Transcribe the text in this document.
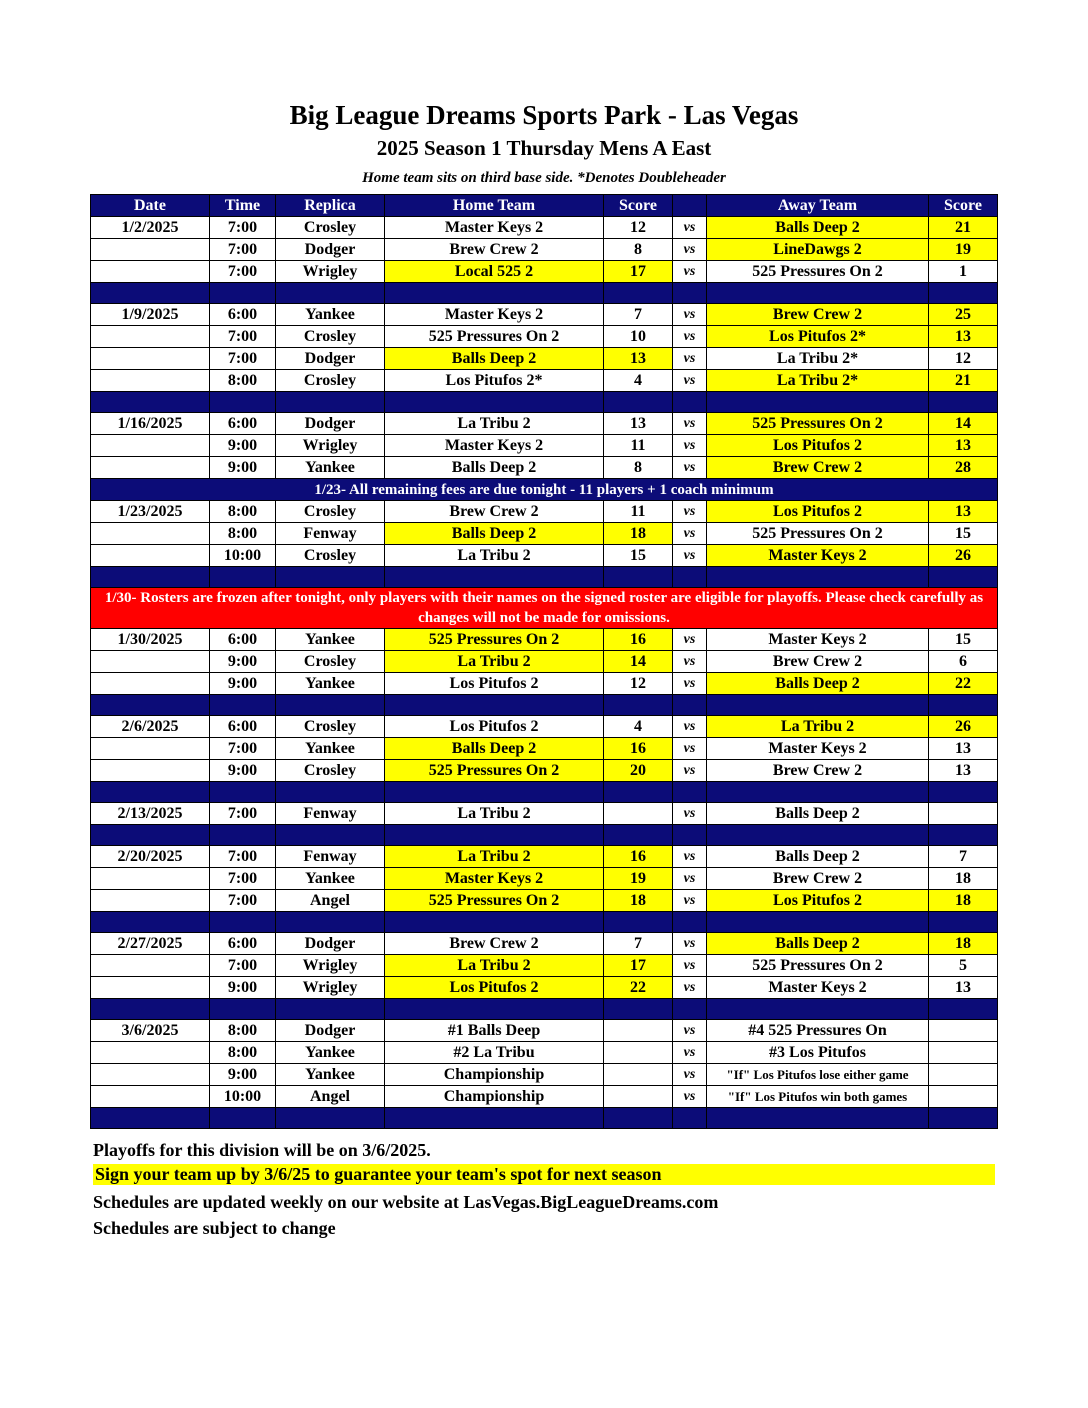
Big League Dreams Sports Park - Las Vegas
2025 Season 1 Thursday Mens A East
Home team sits on third base side. *Denotes Doubleheader
Date	Time	Replica	Home Team	Score		Away Team	Score
1/2/2025	7:00	Crosley	Master Keys 2	12	vs	Balls Deep 2	21
	7:00	Dodger	Brew Crew 2	8	vs	LineDawgs 2	19
	7:00	Wrigley	Local 525 2	17	vs	525 Pressures On 2	1

1/9/2025	6:00	Yankee	Master Keys 2	7	vs	Brew Crew 2	25
	7:00	Crosley	525 Pressures On 2	10	vs	Los Pitufos 2*	13
	7:00	Dodger	Balls Deep 2	13	vs	La Tribu 2*	12
	8:00	Crosley	Los Pitufos 2*	4	vs	La Tribu 2*	21

1/16/2025	6:00	Dodger	La Tribu 2	13	vs	525 Pressures On 2	14
	9:00	Wrigley	Master Keys 2	11	vs	Los Pitufos 2	13
	9:00	Yankee	Balls Deep 2	8	vs	Brew Crew 2	28
1/23- All remaining fees are due tonight - 11 players + 1 coach minimum							
1/23/2025	8:00	Crosley	Brew Crew 2	11	vs	Los Pitufos 2	13
	8:00	Fenway	Balls Deep 2	18	vs	525 Pressures On 2	15
	10:00	Crosley	La Tribu 2	15	vs	Master Keys 2	26

1/30- Rosters are frozen after tonight, only players with their names on the signed roster are eligible for playoffs. Please check carefully as changes will not be made for omissions.							
1/30/2025	6:00	Yankee	525 Pressures On 2	16	vs	Master Keys 2	15
	9:00	Crosley	La Tribu 2	14	vs	Brew Crew 2	6
	9:00	Yankee	Los Pitufos 2	12	vs	Balls Deep 2	22

2/6/2025	6:00	Crosley	Los Pitufos 2	4	vs	La Tribu 2	26
	7:00	Yankee	Balls Deep 2	16	vs	Master Keys 2	13
	9:00	Crosley	525 Pressures On 2	20	vs	Brew Crew 2	13

2/13/2025	7:00	Fenway	La Tribu 2		vs	Balls Deep 2	

2/20/2025	7:00	Fenway	La Tribu 2	16	vs	Balls Deep 2	7
	7:00	Yankee	Master Keys 2	19	vs	Brew Crew 2	18
	7:00	Angel	525 Pressures On 2	18	vs	Los Pitufos 2	18

2/27/2025	6:00	Dodger	Brew Crew 2	7	vs	Balls Deep 2	18
	7:00	Wrigley	La Tribu 2	17	vs	525 Pressures On 2	5
	9:00	Wrigley	Los Pitufos 2	22	vs	Master Keys 2	13

3/6/2025	8:00	Dodger	#1 Balls Deep		vs	#4 525 Pressures On	
	8:00	Yankee	#2 La Tribu		vs	#3 Los Pitufos	
	9:00	Yankee	Championship		vs	"If" Los Pitufos lose either game	
	10:00	Angel	Championship		vs	"If" Los Pitufos win both games	

Playoffs for this division will be on 3/6/2025.
Sign your team up by 3/6/25 to guarantee your team's spot for next season
Schedules are updated weekly on our website at LasVegas.BigLeagueDreams.com
Schedules are subject to change
